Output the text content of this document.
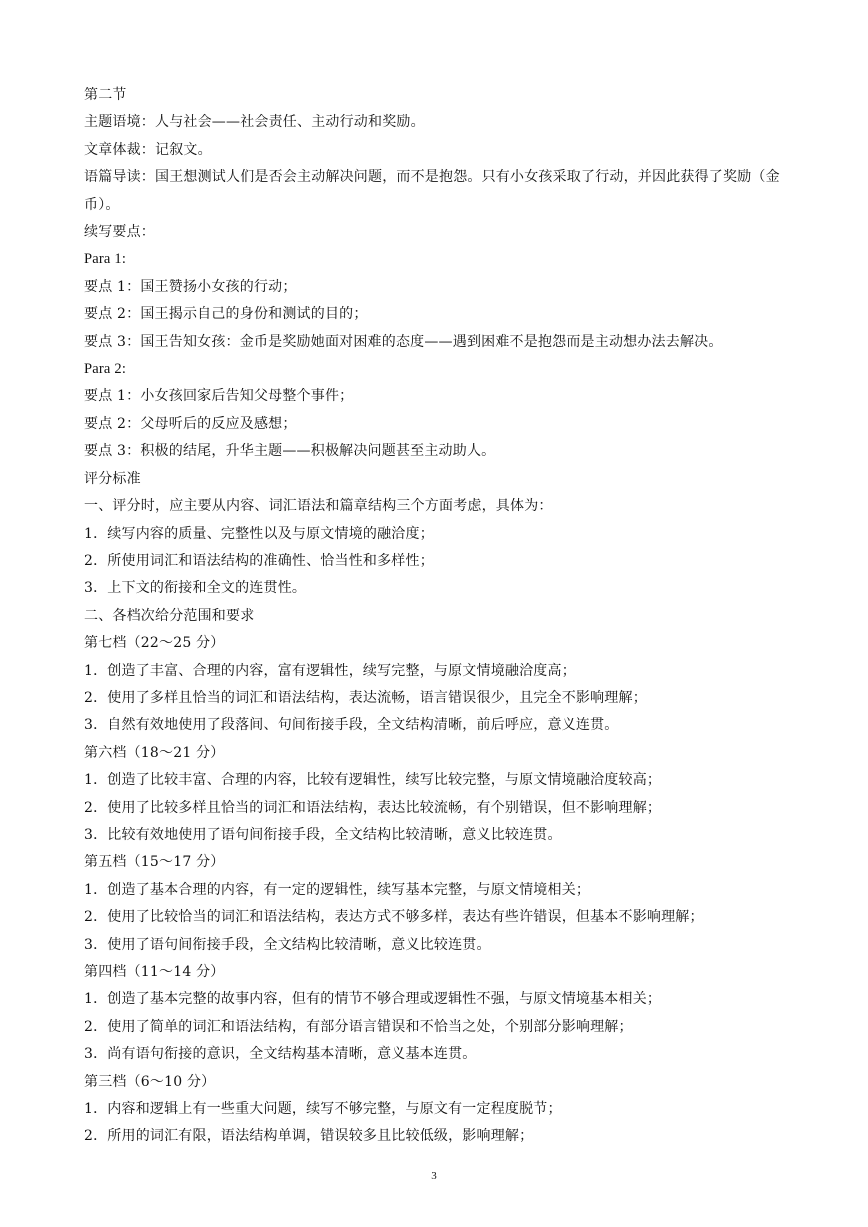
第二节
主题语境：人与社会——社会责任、主动行动和奖励。
文章体裁：记叙文。
语篇导读：国王想测试人们是否会主动解决问题，而不是抱怨。只有小女孩采取了行动，并因此获得了奖励（金币）。
续写要点：
Para 1:
要点 1：国王赞扬小女孩的行动；
要点 2：国王揭示自己的身份和测试的目的；
要点 3：国王告知女孩：金币是奖励她面对困难的态度——遇到困难不是抱怨而是主动想办法去解决。
Para 2:
要点 1：小女孩回家后告知父母整个事件；
要点 2：父母听后的反应及感想；
要点 3：积极的结尾，升华主题——积极解决问题甚至主动助人。
评分标准
一、评分时，应主要从内容、词汇语法和篇章结构三个方面考虑，具体为：
1．续写内容的质量、完整性以及与原文情境的融洽度；
2．所使用词汇和语法结构的准确性、恰当性和多样性；
3．上下文的衔接和全文的连贯性。
二、各档次给分范围和要求
第七档（22～25 分）
1．创造了丰富、合理的内容，富有逻辑性，续写完整，与原文情境融洽度高；
2．使用了多样且恰当的词汇和语法结构，表达流畅，语言错误很少，且完全不影响理解；
3．自然有效地使用了段落间、句间衔接手段，全文结构清晰，前后呼应，意义连贯。
第六档（18～21 分）
1．创造了比较丰富、合理的内容，比较有逻辑性，续写比较完整，与原文情境融洽度较高；
2．使用了比较多样且恰当的词汇和语法结构，表达比较流畅，有个别错误，但不影响理解；
3．比较有效地使用了语句间衔接手段，全文结构比较清晰，意义比较连贯。
第五档（15～17 分）
1．创造了基本合理的内容，有一定的逻辑性，续写基本完整，与原文情境相关；
2．使用了比较恰当的词汇和语法结构，表达方式不够多样，表达有些许错误，但基本不影响理解；
3．使用了语句间衔接手段，全文结构比较清晰，意义比较连贯。
第四档（11～14 分）
1．创造了基本完整的故事内容，但有的情节不够合理或逻辑性不强，与原文情境基本相关；
2．使用了简单的词汇和语法结构，有部分语言错误和不恰当之处，个别部分影响理解；
3．尚有语句衔接的意识，全文结构基本清晰，意义基本连贯。
第三档（6～10 分）
1．内容和逻辑上有一些重大问题，续写不够完整，与原文有一定程度脱节；
2．所用的词汇有限，语法结构单调，错误较多且比较低级，影响理解；
3
